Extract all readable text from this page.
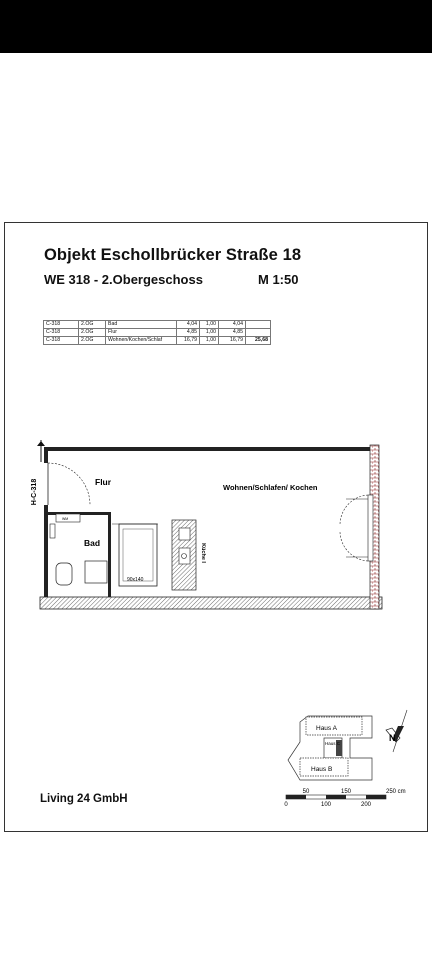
Objekt Eschollbrücker Straße 18
WE 318 - 2.Obergeschoss	M 1:50
C-318	2.OG	Bad	4,04	1,00	4,04	
C-318	2.OG	Flur	4,85	1,00	4,85	
C-318	2.OG	Wohnen/Kochen/Schlaf	16,79	1,00	16,79	25,68
H-C-318
WM
90x140
Küche I
Flur
Bad
Wohnen/Schlafen/ Kochen
Haus A
Haus C
Haus B
N
50	150	250 cm
0	100	200
Living 24 GmbH
